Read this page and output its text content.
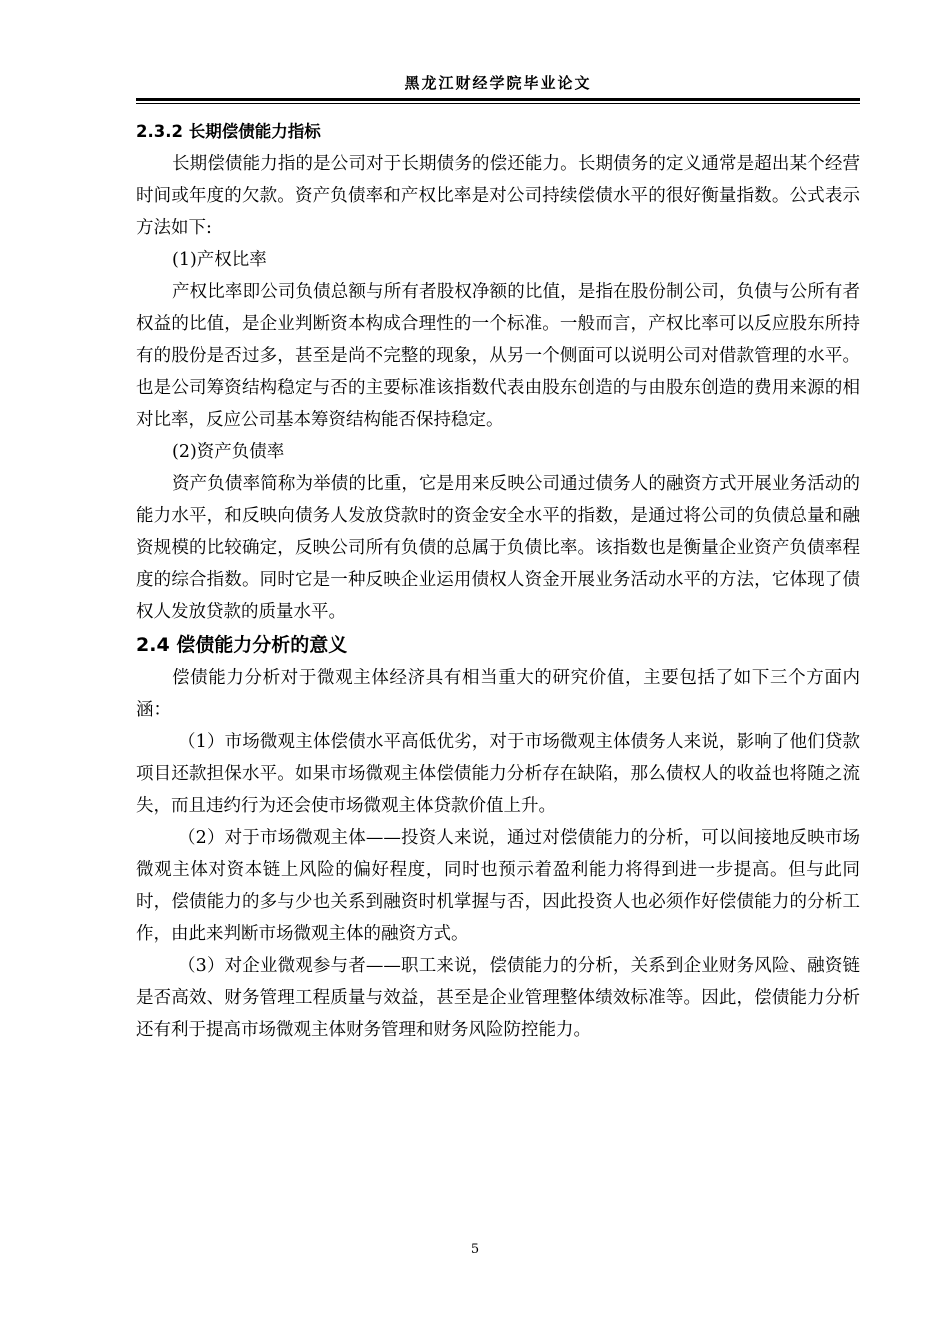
黑龙江财经学院毕业论文

2.3.2 长期偿债能力指标

长期偿债能力指的是公司对于长期债务的偿还能力。长期债务的定义通常是超出某个经营时间或年度的欠款。资产负债率和产权比率是对公司持续偿债水平的很好衡量指数。公式表示方法如下:

(1)产权比率

产权比率即公司负债总额与所有者股权净额的比值，是指在股份制公司，负债与公所有者权益的比值，是企业判断资本构成合理性的一个标准。一般而言，产权比率可以反应股东所持有的股份是否过多，甚至是尚不完整的现象，从另一个侧面可以说明公司对借款管理的水平。也是公司筹资结构稳定与否的主要标准该指数代表由股东创造的与由股东创造的费用来源的相对比率，反应公司基本筹资结构能否保持稳定。

(2)资产负债率

资产负债率简称为举债的比重，它是用来反映公司通过债务人的融资方式开展业务活动的能力水平，和反映向债务人发放贷款时的资金安全水平的指数，是通过将公司的负债总量和融资规模的比较确定，反映公司所有负债的总属于负债比率。该指数也是衡量企业资产负债率程度的综合指数。同时它是一种反映企业运用债权人资金开展业务活动水平的方法，它体现了债权人发放贷款的质量水平。

2.4 偿债能力分析的意义

偿债能力分析对于微观主体经济具有相当重大的研究价值，主要包括了如下三个方面内涵：

（1）市场微观主体偿债水平高低优劣，对于市场微观主体债务人来说，影响了他们贷款项目还款担保水平。如果市场微观主体偿债能力分析存在缺陷，那么债权人的收益也将随之流失，而且违约行为还会使市场微观主体贷款价值上升。

（2）对于市场微观主体——投资人来说，通过对偿债能力的分析，可以间接地反映市场微观主体对资本链上风险的偏好程度，同时也预示着盈利能力将得到进一步提高。但与此同时，偿债能力的多与少也关系到融资时机掌握与否，因此投资人也必须作好偿债能力的分析工作，由此来判断市场微观主体的融资方式。

（3）对企业微观参与者——职工来说，偿债能力的分析，关系到企业财务风险、融资链是否高效、财务管理工程质量与效益，甚至是企业管理整体绩效标准等。因此，偿债能力分析还有利于提高市场微观主体财务管理和财务风险防控能力。

5
